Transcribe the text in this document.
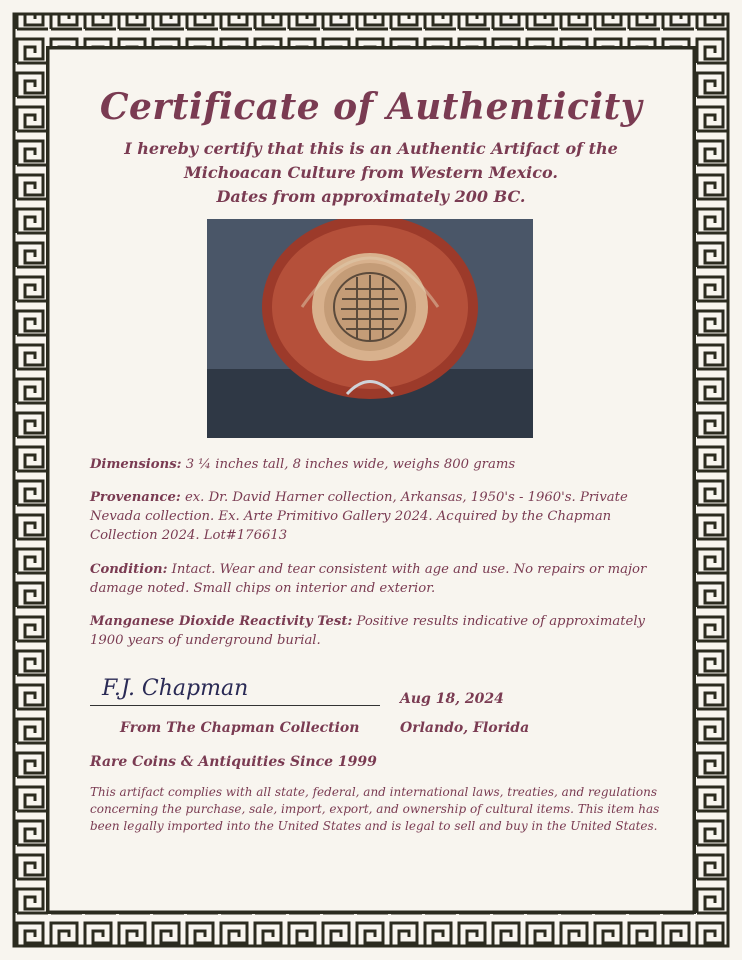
Certificate of Authenticity
I hereby certify that this is an Authentic Artifact of the
Michoacan Culture from Western Mexico.
Dates from approximately 200 BC.
Dimensions: 3 ¼ inches tall, 8 inches wide, weighs 800 grams
Provenance: ex. Dr. David Harner collection, Arkansas, 1950's - 1960's. Private Nevada collection. Ex. Arte Primitivo Gallery 2024. Acquired by the Chapman Collection 2024. Lot#176613
Condition: Intact. Wear and tear consistent with age and use. No repairs or major damage noted. Small chips on interior and exterior.
Manganese Dioxide Reactivity Test: Positive results indicative of approximately 1900 years of underground burial.
F.J. Chapman	Aug 18, 2024
From The Chapman Collection	Orlando, Florida
Rare Coins & Antiquities Since 1999
This artifact complies with all state, federal, and international laws, treaties, and regulations concerning the purchase, sale, import, export, and ownership of cultural items. This item has been legally imported into the United States and is legal to sell and buy in the United States.
